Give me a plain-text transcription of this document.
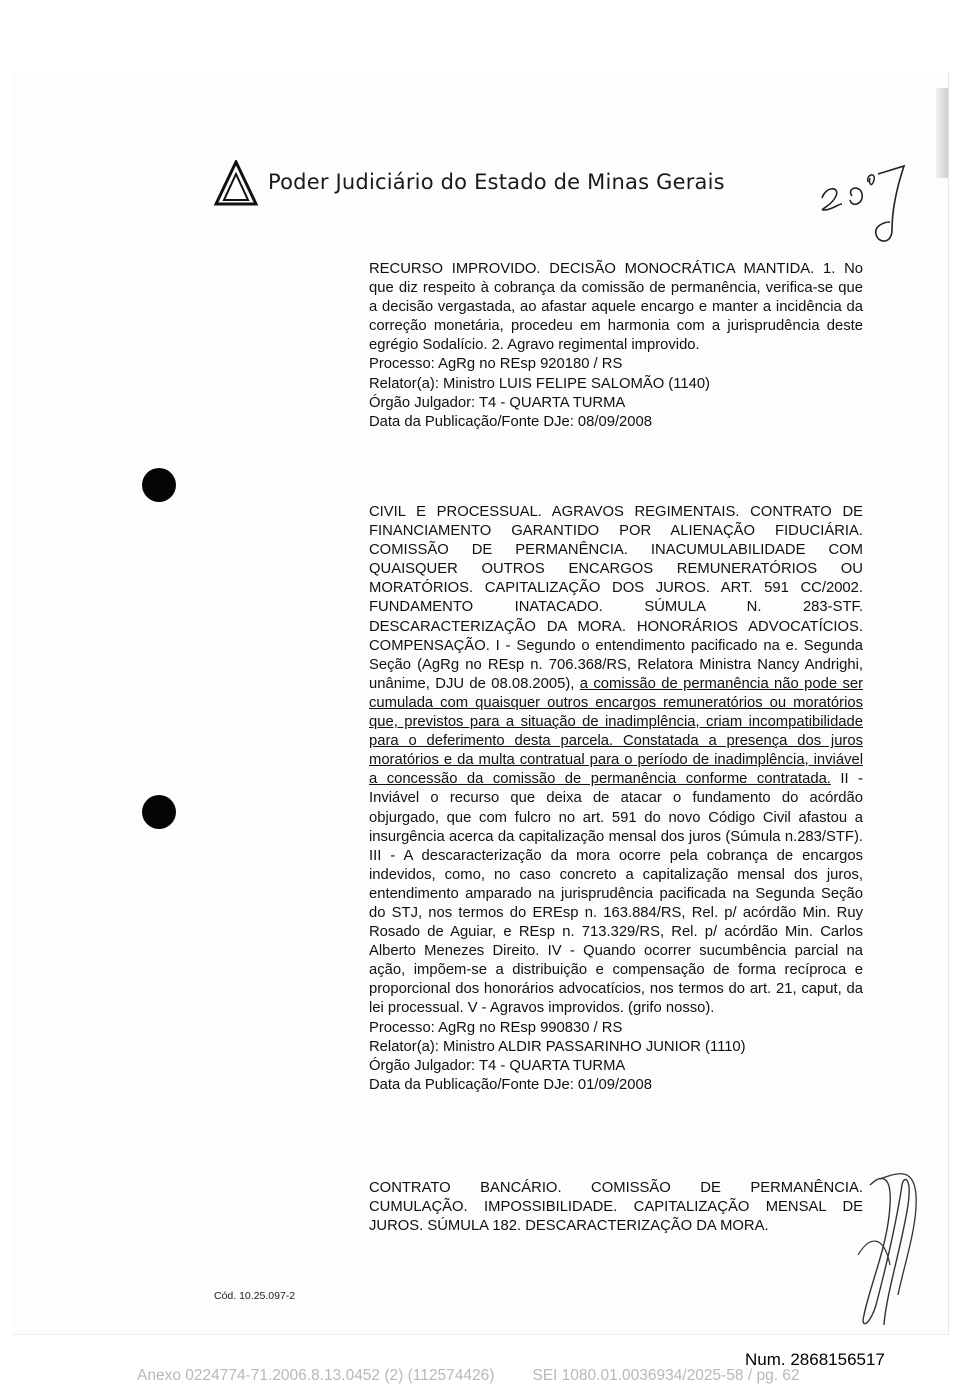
Poder Judiciário do Estado de Minas Gerais

RECURSO IMPROVIDO. DECISÃO MONOCRÁTICA MANTIDA. 1. No que diz respeito à cobrança da comissão de permanência, verifica-se que a decisão vergastada, ao afastar aquele encargo e manter a incidência da correção monetária, procedeu em harmonia com a jurisprudência deste egrégio Sodalício. 2. Agravo regimental improvido.

Processo: AgRg no REsp 920180 / RS
Relator(a): Ministro LUIS FELIPE SALOMÃO (1140)
Órgão Julgador: T4 - QUARTA TURMA
Data da Publicação/Fonte DJe: 08/09/2008

CIVIL E PROCESSUAL. AGRAVOS REGIMENTAIS. CONTRATO DE FINANCIAMENTO GARANTIDO POR ALIENAÇÃO FIDUCIÁRIA. COMISSÃO DE PERMANÊNCIA. INACUMULABILIDADE COM QUAISQUER OUTROS ENCARGOS REMUNERATÓRIOS OU MORATÓRIOS. CAPITALIZAÇÃO DOS JUROS. ART. 591 CC/2002. FUNDAMENTO INATACADO. SÚMULA N. 283-STF. DESCARACTERIZAÇÃO DA MORA. HONORÁRIOS ADVOCATÍCIOS. COMPENSAÇÃO. I - Segundo o entendimento pacificado na e. Segunda Seção (AgRg no REsp n. 706.368/RS, Relatora Ministra Nancy Andrighi, unânime, DJU de 08.08.2005), a comissão de permanência não pode ser cumulada com quaisquer outros encargos remuneratórios ou moratórios que, previstos para a situação de inadimplência, criam incompatibilidade para o deferimento desta parcela. Constatada a presença dos juros moratórios e da multa contratual para o período de inadimplência, inviável a concessão da comissão de permanência conforme contratada. II - Inviável o recurso que deixa de atacar o fundamento do acórdão objurgado, que com fulcro no art. 591 do novo Código Civil afastou a insurgência acerca da capitalização mensal dos juros (Súmula n.283/STF). III - A descaracterização da mora ocorre pela cobrança de encargos indevidos, como, no caso concreto a capitalização mensal dos juros, entendimento amparado na jurisprudência pacificada na Segunda Seção do STJ, nos termos do EREsp n. 163.884/RS, Rel. p/ acórdão Min. Ruy Rosado de Aguiar, e REsp n. 713.329/RS, Rel. p/ acórdão Min. Carlos Alberto Menezes Direito. IV - Quando ocorrer sucumbência parcial na ação, impõem-se a distribuição e compensação de forma recíproca e proporcional dos honorários advocatícios, nos termos do art. 21, caput, da lei processual. V - Agravos improvidos. (grifo nosso).

Processo: AgRg no REsp 990830 / RS
Relator(a): Ministro ALDIR PASSARINHO JUNIOR (1110)
Órgão Julgador: T4 - QUARTA TURMA
Data da Publicação/Fonte DJe: 01/09/2008

CONTRATO BANCÁRIO. COMISSÃO DE PERMANÊNCIA. CUMULAÇÃO. IMPOSSIBILIDADE. CAPITALIZAÇÃO MENSAL DE JUROS. SÚMULA 182. DESCARACTERIZAÇÃO DA MORA.

Cód. 10.25.097-2
Num. 2868156517
Anexo 0224774-71.2006.8.13.0452 (2) (112574426) SEI 1080.01.0036934/2025-58 / pg. 62
